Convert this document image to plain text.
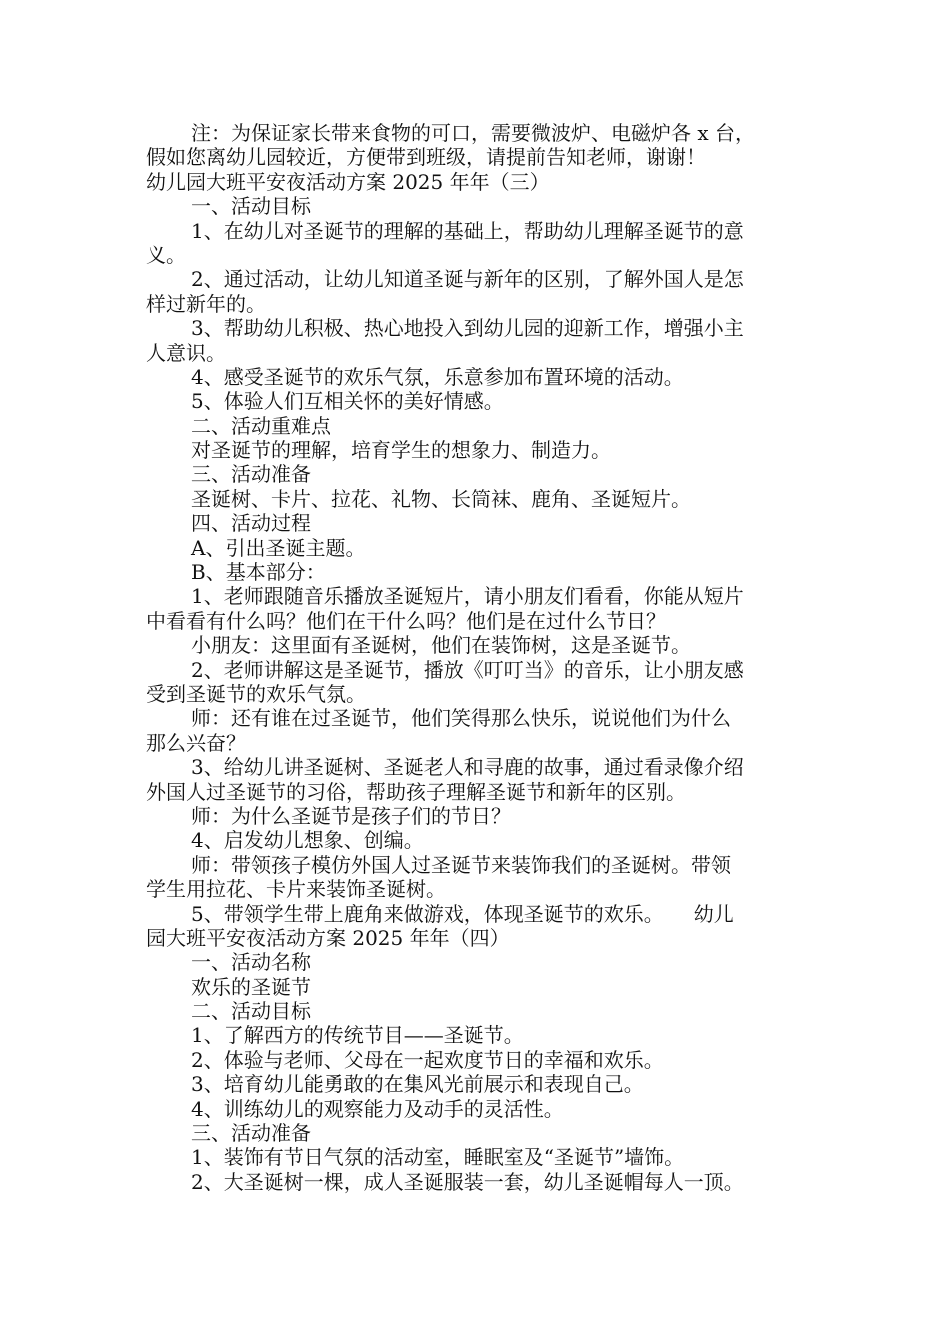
注：为保证家长带来食物的可口，需要微波炉、电磁炉各 x 台，
假如您离幼儿园较近，方便带到班级，请提前告知老师，谢谢！
幼儿园大班平安夜活动方案 2025 年年（三）
一、活动目标
1、在幼儿对圣诞节的理解的基础上，帮助幼儿理解圣诞节的意
义。
2、通过活动，让幼儿知道圣诞与新年的区别，了解外国人是怎
样过新年的。
3、帮助幼儿积极、热心地投入到幼儿园的迎新工作，增强小主
人意识。
4、感受圣诞节的欢乐气氛，乐意参加布置环境的活动。
5、体验人们互相关怀的美好情感。
二、活动重难点
对圣诞节的理解，培育学生的想象力、制造力。
三、活动准备
圣诞树、卡片、拉花、礼物、长筒袜、鹿角、圣诞短片。
四、活动过程
A、引出圣诞主题。
B、基本部分：
1、老师跟随音乐播放圣诞短片，请小朋友们看看，你能从短片
中看看有什么吗？他们在干什么吗？他们是在过什么节日？
小朋友：这里面有圣诞树，他们在装饰树，这是圣诞节。
2、老师讲解这是圣诞节，播放《叮叮当》的音乐，让小朋友感
受到圣诞节的欢乐气氛。
师：还有谁在过圣诞节，他们笑得那么快乐，说说他们为什么
那么兴奋？
3、给幼儿讲圣诞树、圣诞老人和寻鹿的故事，通过看录像介绍
外国人过圣诞节的习俗，帮助孩子理解圣诞节和新年的区别。
师：为什么圣诞节是孩子们的节日？
4、启发幼儿想象、创编。
师：带领孩子模仿外国人过圣诞节来装饰我们的圣诞树。带领
学生用拉花、卡片来装饰圣诞树。
5、带领学生带上鹿角来做游戏，体现圣诞节的欢乐。　　幼儿
园大班平安夜活动方案 2025 年年（四）
一、活动名称
欢乐的圣诞节
二、活动目标
1、了解西方的传统节目——圣诞节。
2、体验与老师、父母在一起欢度节日的幸福和欢乐。
3、培育幼儿能勇敢的在集风光前展示和表现自己。
4、训练幼儿的观察能力及动手的灵活性。
三、活动准备
1、装饰有节日气氛的活动室，睡眠室及“圣诞节”墙饰。
2、大圣诞树一棵，成人圣诞服装一套，幼儿圣诞帽每人一顶。
